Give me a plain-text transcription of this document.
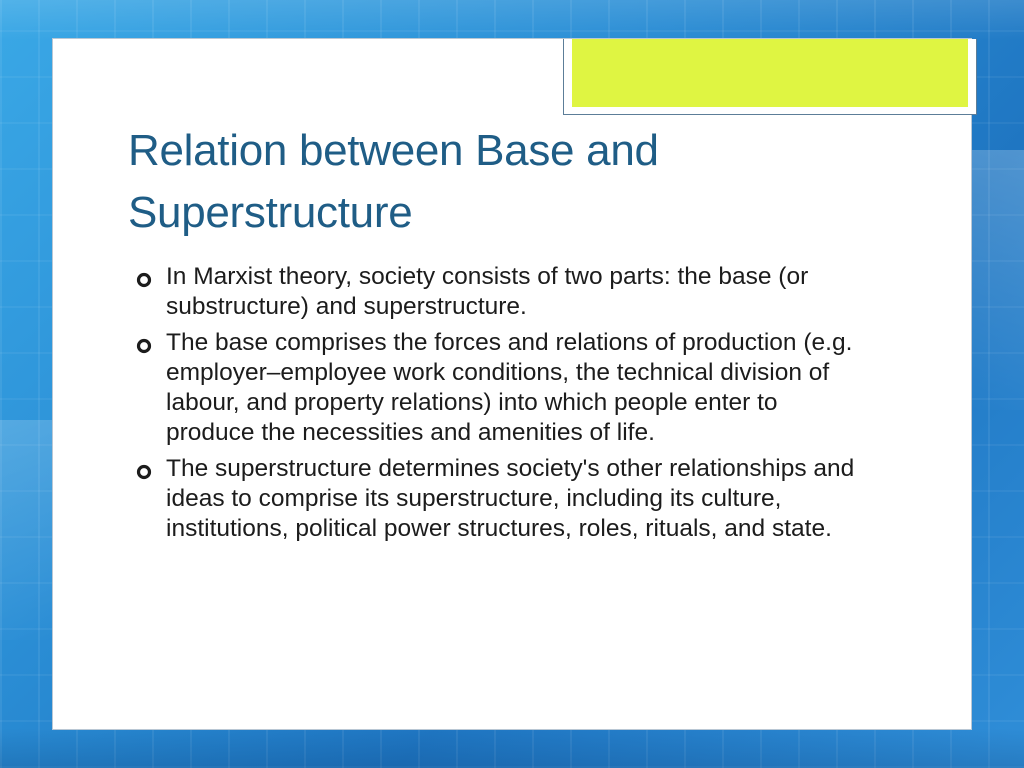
Relation between Base and
Superstructure
In Marxist theory, society consists of two parts: the base (or substructure) and superstructure.
The base comprises the forces and relations of production (e.g. employer–employee work conditions, the technical division of labour, and property relations) into which people enter to produce the necessities and amenities of life.
The superstructure determines society's other relationships and ideas to comprise its superstructure, including its culture, institutions, political power structures, roles, rituals, and state.
